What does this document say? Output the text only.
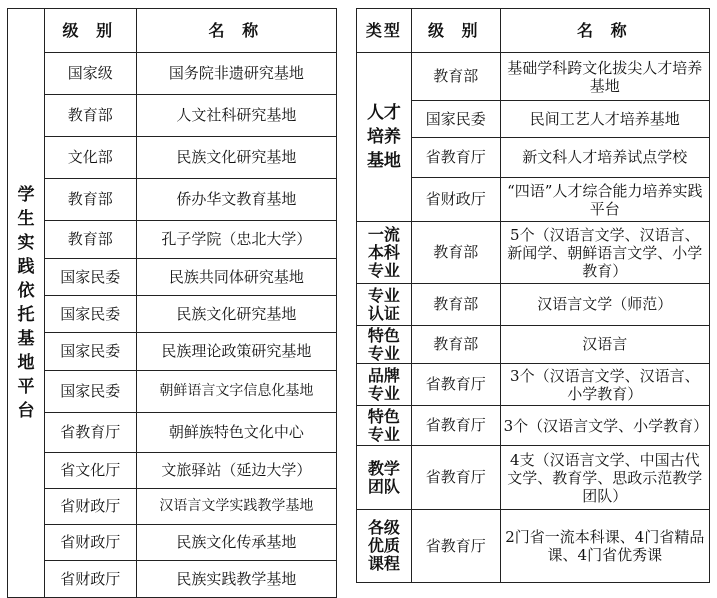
学生实践依托基地平台	级 别	名 称
	国家级	国务院非遗研究基地
	教育部	人文社科研究基地
	文化部	民族文化研究基地
	教育部	侨办华文教育基地
	教育部	孔子学院（忠北大学）
	国家民委	民族共同体研究基地
	国家民委	民族文化研究基地
	国家民委	民族理论政策研究基地
	国家民委	朝鲜语言文字信息化基地
	省教育厅	朝鲜族特色文化中心
	省文化厅	文旅驿站（延边大学）
	省财政厅	汉语言文学实践教学基地
	省财政厅	民族文化传承基地
	省财政厅	民族实践教学基地
类型	级 别	名 称
人才培养基地	教育部	基础学科跨文化拔尖人才培养基地
	国家民委	民间工艺人才培养基地
	省教育厅	新文科人才培养试点学校
	省财政厅	“四语”人才综合能力培养实践平台
一流本科专业	教育部	5个（汉语言文学、汉语言、新闻学、朝鲜语言文学、小学教育）
专业认证	教育部	汉语言文学（师范）
特色专业	教育部	汉语言
品牌专业	省教育厅	3个（汉语言文学、汉语言、小学教育）
特色专业	省教育厅	3个（汉语言文学、小学教育）
教学团队	省教育厅	4支（汉语言文学、中国古代文学、教育学、思政示范教学团队）
各级优质课程	省教育厅	2门省一流本科课、4门省精品课、4门省优秀课
